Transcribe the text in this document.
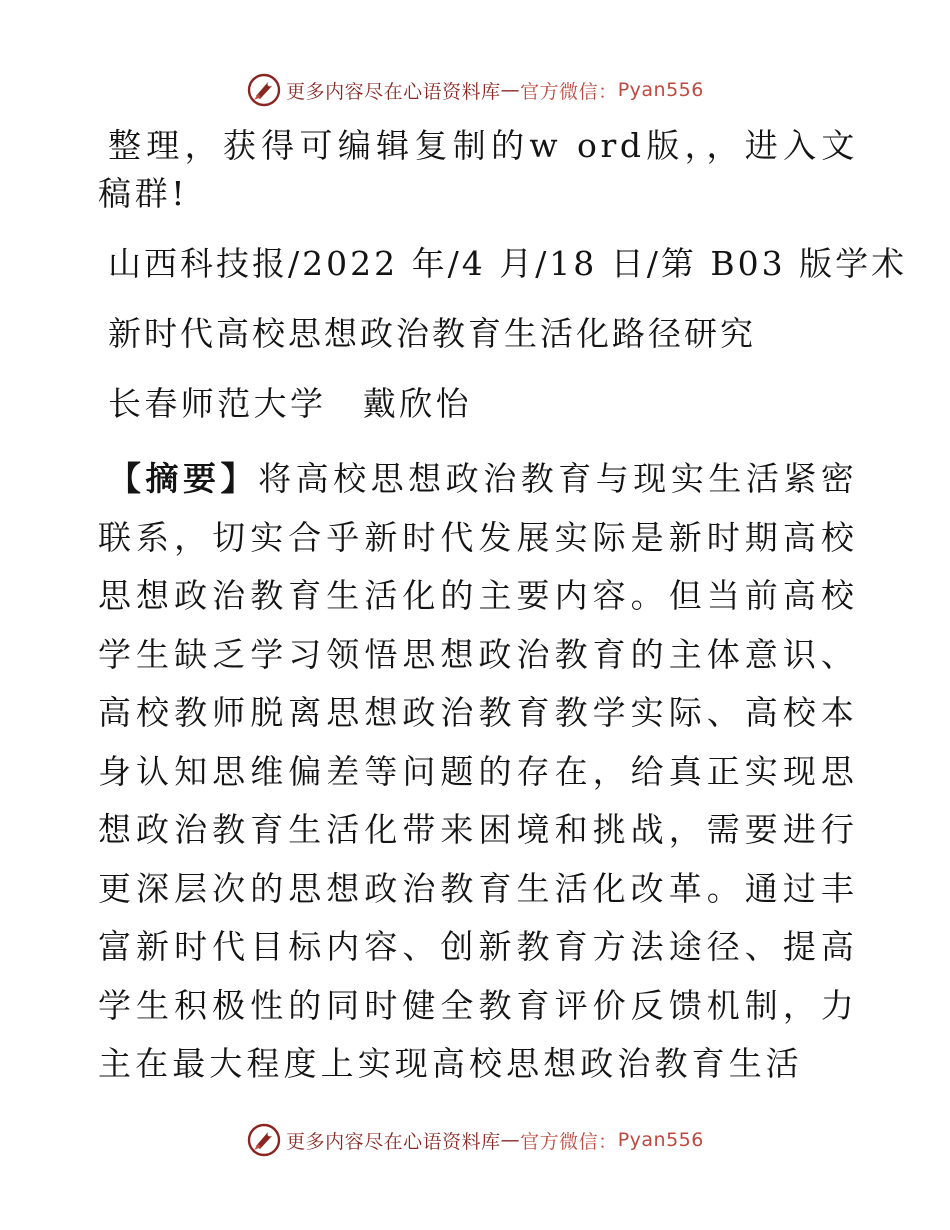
更多内容尽在心语资料库 — 官方微信： Pyan556

整理，获得可编辑复制的w ord版，，进入文稿群!

山西科技报/2022 年/4 月/18 日/第 B03 版学术

新时代高校思想政治教育生活化路径研究

长春师范大学　戴欣怡

【摘要】将高校思想政治教育与现实生活紧密联系，切实合乎新时代发展实际是新时期高校思想政治教育生活化的主要内容。但当前高校学生缺乏学习领悟思想政治教育的主体意识、高校教师脱离思想政治教育教学实际、高校本身认知思维偏差等问题的存在，给真正实现思想政治教育生活化带来困境和挑战，需要进行更深层次的思想政治教育生活化改革。通过丰富新时代目标内容、创新教育方法途径、提高学生积极性的同时健全教育评价反馈机制，力主在最大程度上实现高校思想政治教育生活

更多内容尽在心语资料库 — 官方微信： Pyan556
